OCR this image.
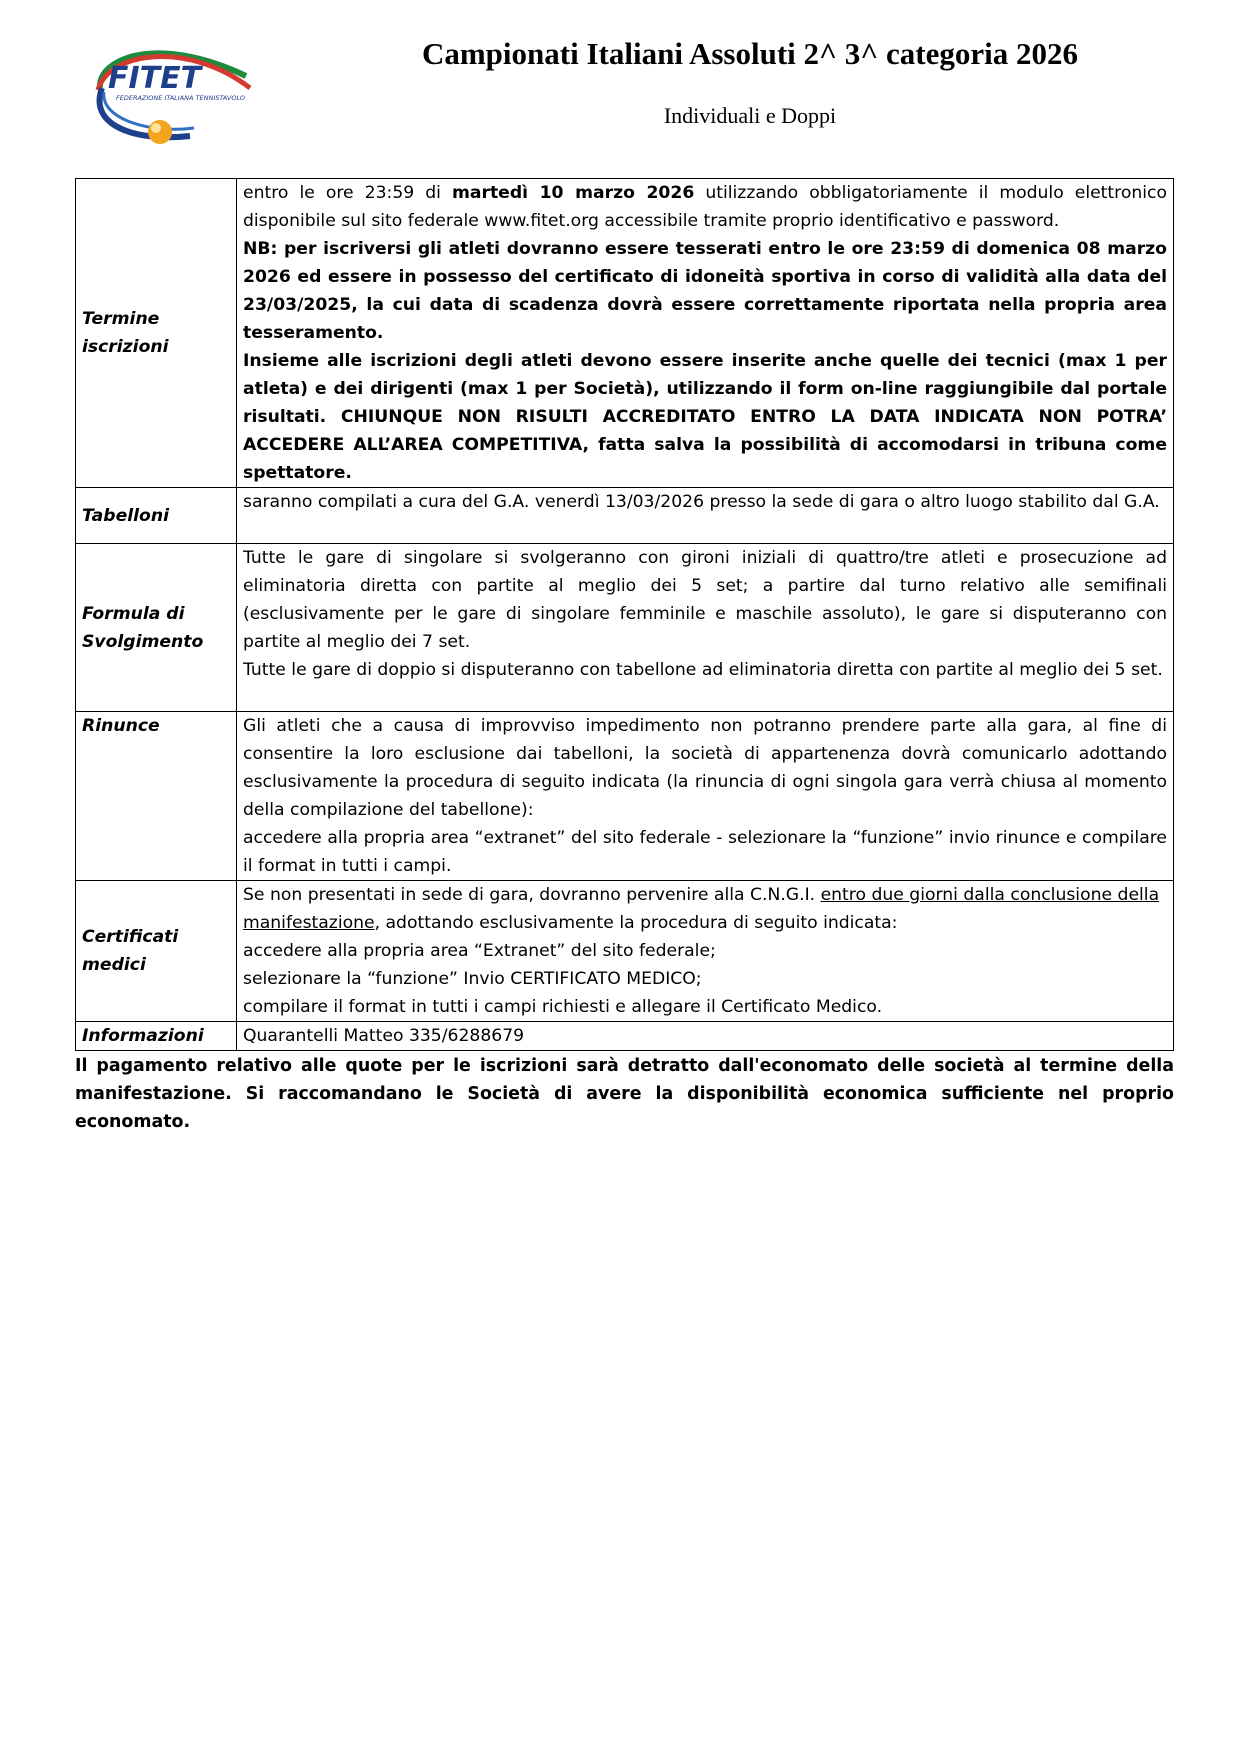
FITET
FEDERAZIONE ITALIANA TENNISTAVOLO
Campionati Italiani Assoluti 2^ 3^ categoria 2026
Individuali e Doppi
Termine iscrizioni	entro le ore 23:59 di martedì 10 marzo 2026 utilizzando obbligatoriamente il modulo elettronico disponibile sul sito federale www.fitet.org accessibile tramite proprio identificativo e password.

NB: per iscriversi gli atleti dovranno essere tesserati entro le ore 23:59 di domenica 08 marzo 2026 ed essere in possesso del certificato di idoneità sportiva in corso di validità alla data del 23/03/2025, la cui data di scadenza dovrà essere correttamente riportata nella propria area tesseramento.

Insieme alle iscrizioni degli atleti devono essere inserite anche quelle dei tecnici (max 1 per atleta) e dei dirigenti (max 1 per Società), utilizzando il form on-line raggiungibile dal portale risultati. CHIUNQUE NON RISULTI ACCREDITATO ENTRO LA DATA INDICATA NON POTRA’ ACCEDERE ALL’AREA COMPETITIVA, fatta salva la possibilità di accomodarsi in tribuna come spettatore.

Tabelloni	saranno compilati a cura del G.A. venerdì 13/03/2026 presso la sede di gara o altro luogo stabilito dal G.A.

Formula di Svolgimento	Tutte le gare di singolare si svolgeranno con gironi iniziali di quattro/tre atleti e prosecuzione ad eliminatoria diretta con partite al meglio dei 5 set; a partire dal turno relativo alle semifinali (esclusivamente per le gare di singolare femminile e maschile assoluto), le gare si disputeranno con partite al meglio dei 7 set.

Tutte le gare di doppio si disputeranno con tabellone ad eliminatoria diretta con partite al meglio dei 5 set.

Rinunce	Gli atleti che a causa di improvviso impedimento non potranno prendere parte alla gara, al fine di consentire la loro esclusione dai tabelloni, la società di appartenenza dovrà comunicarlo adottando esclusivamente la procedura di seguito indicata (la rinuncia di ogni singola gara verrà chiusa al momento della compilazione del tabellone):

accedere alla propria area “extranet” del sito federale - selezionare la “funzione” invio rinunce e compilare il format in tutti i campi.

Certificati medici	Se non presentati in sede di gara, dovranno pervenire alla C.N.G.I. entro due giorni dalla conclusione della manifestazione, adottando esclusivamente la procedura di seguito indicata:

accedere alla propria area “Extranet” del sito federale;

selezionare la “funzione” Invio CERTIFICATO MEDICO;

compilare il format in tutti i campi richiesti e allegare il Certificato Medico.

Informazioni	Quarantelli Matteo 335/6288679

Il pagamento relativo alle quote per le iscrizioni sarà detratto dall'economato delle società al termine della manifestazione. Si raccomandano le Società di avere la disponibilità economica sufficiente nel proprio economato.
